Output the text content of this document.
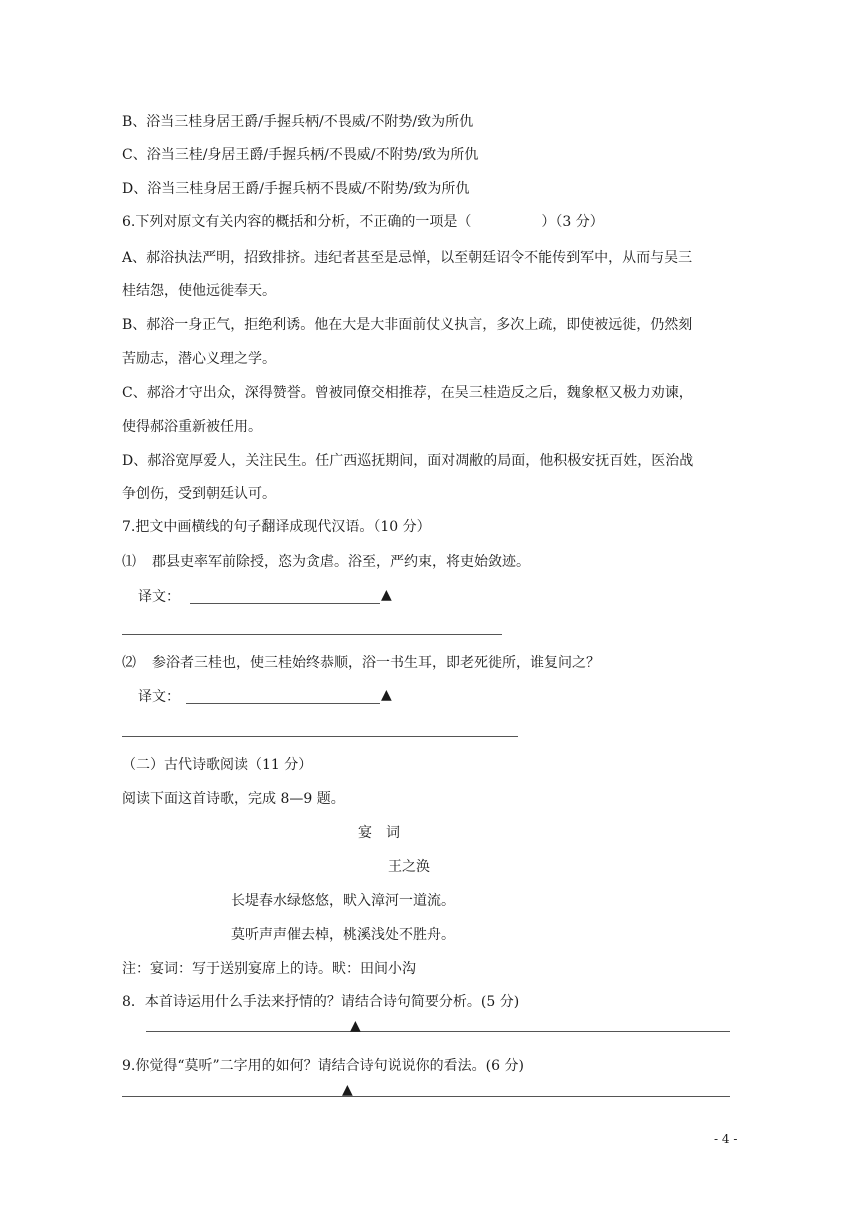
B、浴当三桂身居王爵/手握兵柄/不畏威/不附势/致为所仇
C、浴当三桂/身居王爵/手握兵柄/不畏威/不附势/致为所仇
D、浴当三桂身居王爵/手握兵柄不畏威/不附势/致为所仇
6.下列对原文有关内容的概括和分析，不正确的一项是（　　　　　）（3 分）
A、郝浴执法严明，招致排挤。违纪者甚至是忌惮，以至朝廷诏令不能传到军中，从而与吴三
桂结怨，使他远徙奉天。
B、郝浴一身正气，拒绝利诱。他在大是大非面前仗义执言，多次上疏，即使被远徙，仍然刻
苦励志，潜心义理之学。
C、郝浴才守出众，深得赞誉。曾被同僚交相推荐，在吴三桂造反之后，魏象枢又极力劝谏，
使得郝浴重新被任用。
D、郝浴宽厚爱人，关注民生。任广西巡抚期间，面对凋敝的局面，他积极安抚百姓，医治战
争创伤，受到朝廷认可。
7.把文中画横线的句子翻译成现代汉语。（10 分）
⑴ 郡县吏率军前除授，恣为贪虐。浴至，严约束，将吏始敛迹。
译文：	▲
⑵ 参浴者三桂也，使三桂始终恭顺，浴一书生耳，即老死徙所，谁复问之？
译文：	▲
（二）古代诗歌阅读（11 分）
阅读下面这首诗歌，完成 8—9 题。
宴　词
王之涣
长堤春水绿悠悠，畎入漳河一道流。
莫听声声催去棹，桃溪浅处不胜舟。
注：宴词：写于送别宴席上的诗。畎：田间小沟
8．本首诗运用什么手法来抒情的？请结合诗句简要分析。(5 分)
▲
9.你觉得“莫听”二字用的如何？请结合诗句说说你的看法。(6 分)
▲
- 4 -
